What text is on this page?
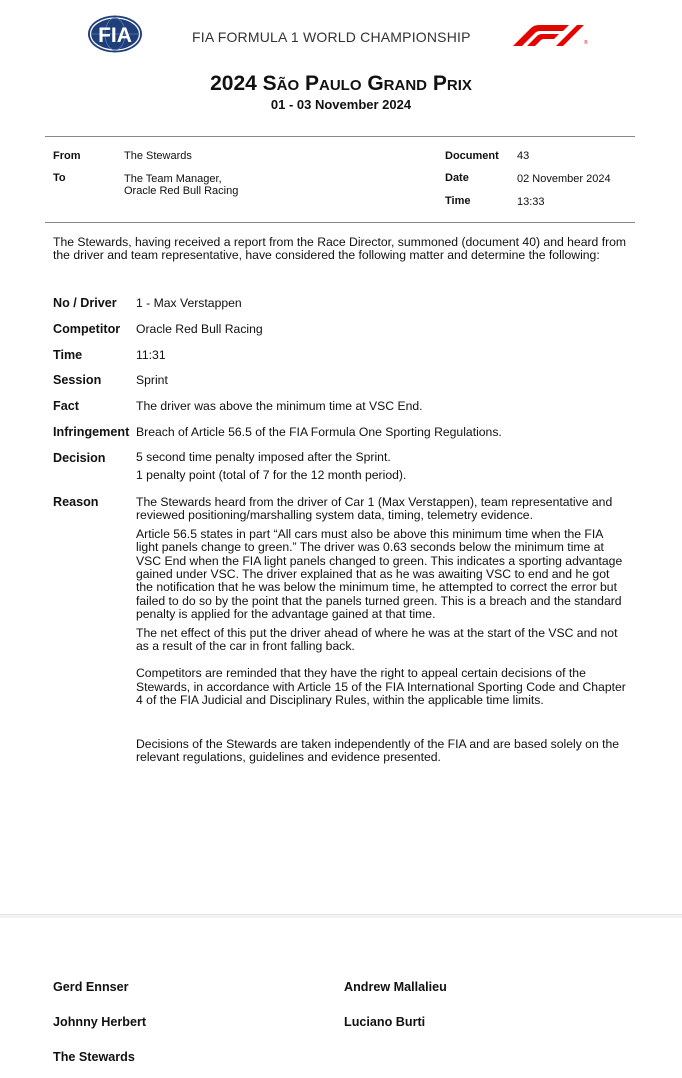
FIA	FIA FORMULA 1 WORLD CHAMPIONSHIP	®
2024 São Paulo Grand Prix
01 - 03 November 2024
From	The Stewards
To	The Team Manager,
Oracle Red Bull Racing
Document 43
Date	02 November 2024
Time	13:33
The Stewards, having received a report from the Race Director, summoned (document 40) and heard from the driver and team representative, have considered the following matter and determine the following:
No / Driver 1 - Max Verstappen
Competitor Oracle Red Bull Racing
Time	11:31
Session	Sprint
Fact	The driver was above the minimum time at VSC End.
Infringement Breach of Article 56.5 of the FIA Formula One Sporting Regulations.
Decision	5 second time penalty imposed after the Sprint.
1 penalty point (total of 7 for the 12 month period).
Reason	The Stewards heard from the driver of Car 1 (Max Verstappen), team representative and reviewed positioning/marshalling system data, timing, telemetry evidence.

Article 56.5 states in part “All cars must also be above this minimum time when the FIA light panels change to green.” The driver was 0.63 seconds below the minimum time at VSC End when the FIA light panels changed to green. This indicates a sporting advantage gained under VSC. The driver explained that as he was awaiting VSC to end and he got the notification that he was below the minimum time, he attempted to correct the error but failed to do so by the point that the panels turned green. This is a breach and the standard penalty is applied for the advantage gained at that time.

The net effect of this put the driver ahead of where he was at the start of the VSC and not as a result of the car in front falling back.

Competitors are reminded that they have the right to appeal certain decisions of the Stewards, in accordance with Article 15 of the FIA International Sporting Code and Chapter 4 of the FIA Judicial and Disciplinary Rules, within the applicable time limits.

Decisions of the Stewards are taken independently of the FIA and are based solely on the relevant regulations, guidelines and evidence presented.

Gerd Ennser	Andrew Mallalieu
Johnny Herbert	Luciano Burti
The Stewards
